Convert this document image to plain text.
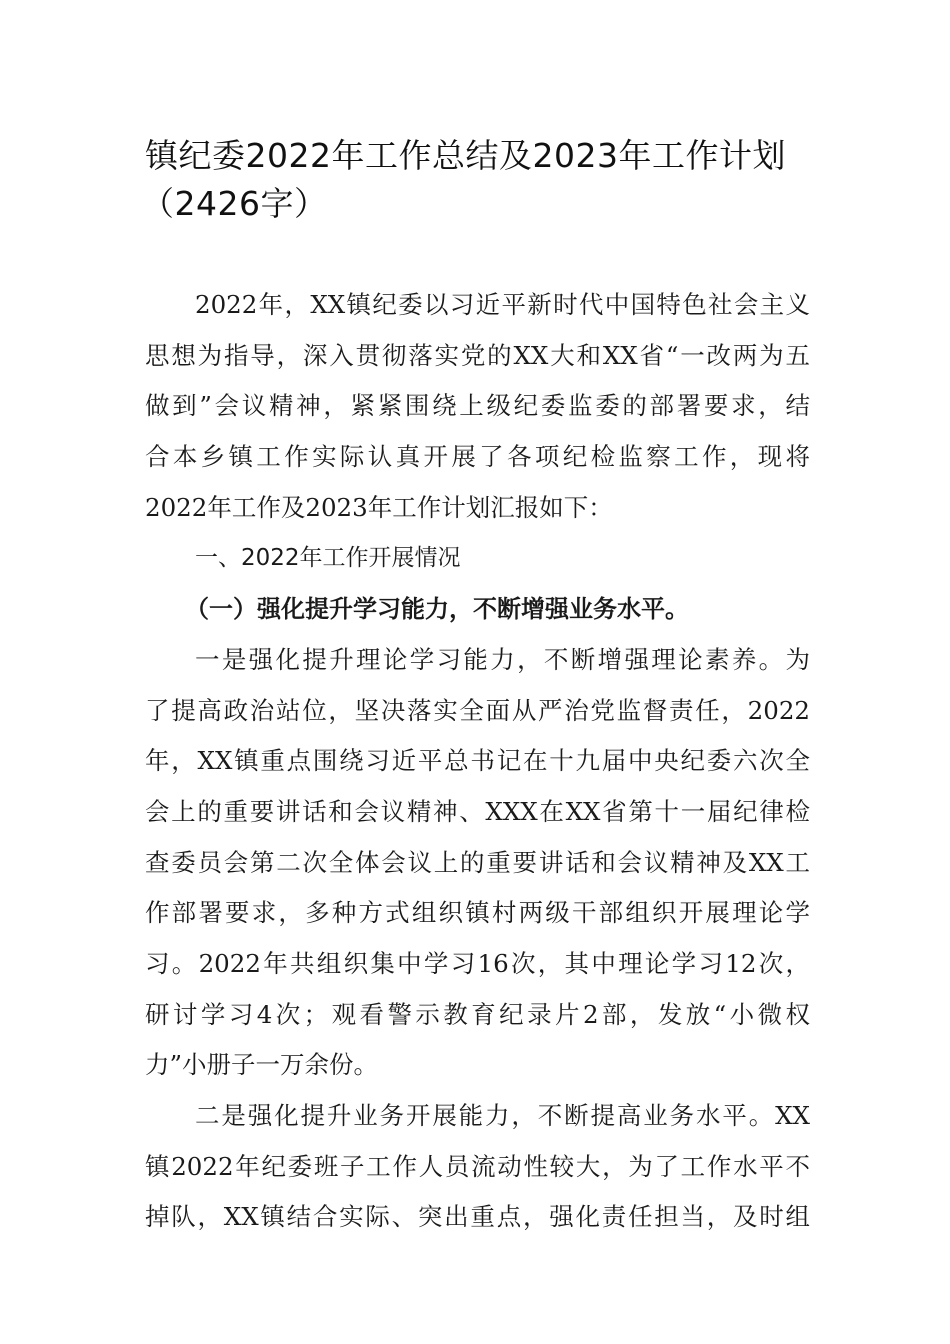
镇纪委2022年工作总结及2023年工作计划
（2426字）
2022年，XX镇纪委以习近平新时代中国特色社会主义
思想为指导，深入贯彻落实党的XX大和XX省“一改两为五
做到”会议精神，紧紧围绕上级纪委监委的部署要求，结
合本乡镇工作实际认真开展了各项纪检监察工作，现将
2022年工作及2023年工作计划汇报如下：
一、2022年工作开展情况
（一）强化提升学习能力，不断增强业务水平。
一是强化提升理论学习能力，不断增强理论素养。为
了提高政治站位，坚决落实全面从严治党监督责任，2022
年，XX镇重点围绕习近平总书记在十九届中央纪委六次全
会上的重要讲话和会议精神、XXX在XX省第十一届纪律检
查委员会第二次全体会议上的重要讲话和会议精神及XX工
作部署要求，多种方式组织镇村两级干部组织开展理论学
习。2022年共组织集中学习16次，其中理论学习12次，
研讨学习4次；观看警示教育纪录片2部，发放“小微权
力”小册子一万余份。
二是强化提升业务开展能力，不断提高业务水平。XX
镇2022年纪委班子工作人员流动性较大，为了工作水平不
掉队，XX镇结合实际、突出重点，强化责任担当，及时组
